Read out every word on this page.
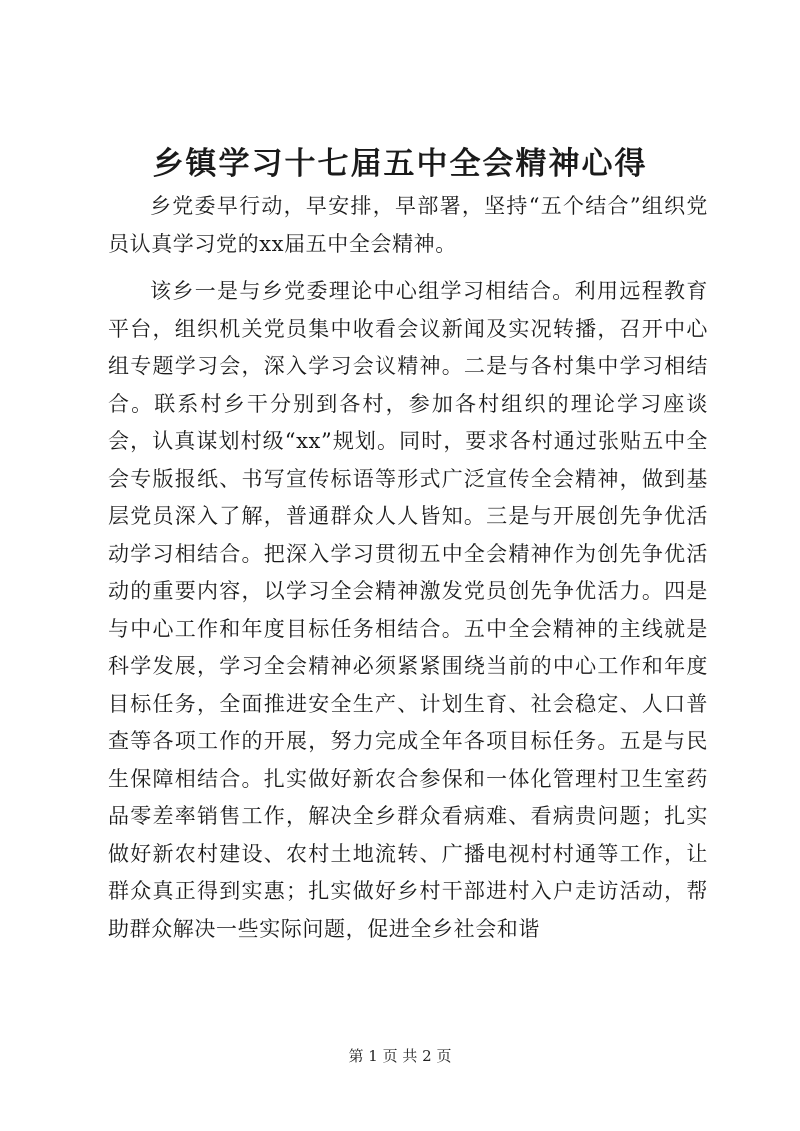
乡镇学习十七届五中全会精神心得

乡党委早行动，早安排，早部署，坚持“五个结合”组织党员认真学习党的xx届五中全会精神。

该乡一是与乡党委理论中心组学习相结合。利用远程教育平台，组织机关党员集中收看会议新闻及实况转播，召开中心组专题学习会，深入学习会议精神。二是与各村集中学习相结合。联系村乡干分别到各村，参加各村组织的理论学习座谈会，认真谋划村级“xx”规划。同时，要求各村通过张贴五中全会专版报纸、书写宣传标语等形式广泛宣传全会精神，做到基层党员深入了解，普通群众人人皆知。三是与开展创先争优活动学习相结合。把深入学习贯彻五中全会精神作为创先争优活动的重要内容，以学习全会精神激发党员创先争优活力。四是与中心工作和年度目标任务相结合。五中全会精神的主线就是科学发展，学习全会精神必须紧紧围绕当前的中心工作和年度目标任务，全面推进安全生产、计划生育、社会稳定、人口普查等各项工作的开展，努力完成全年各项目标任务。五是与民生保障相结合。扎实做好新农合参保和一体化管理村卫生室药品零差率销售工作，解决全乡群众看病难、看病贵问题；扎实做好新农村建设、农村土地流转、广播电视村村通等工作，让群众真正得到实惠；扎实做好乡村干部进村入户走访活动，帮助群众解决一些实际问题，促进全乡社会和谐

第 1 页 共 2 页
